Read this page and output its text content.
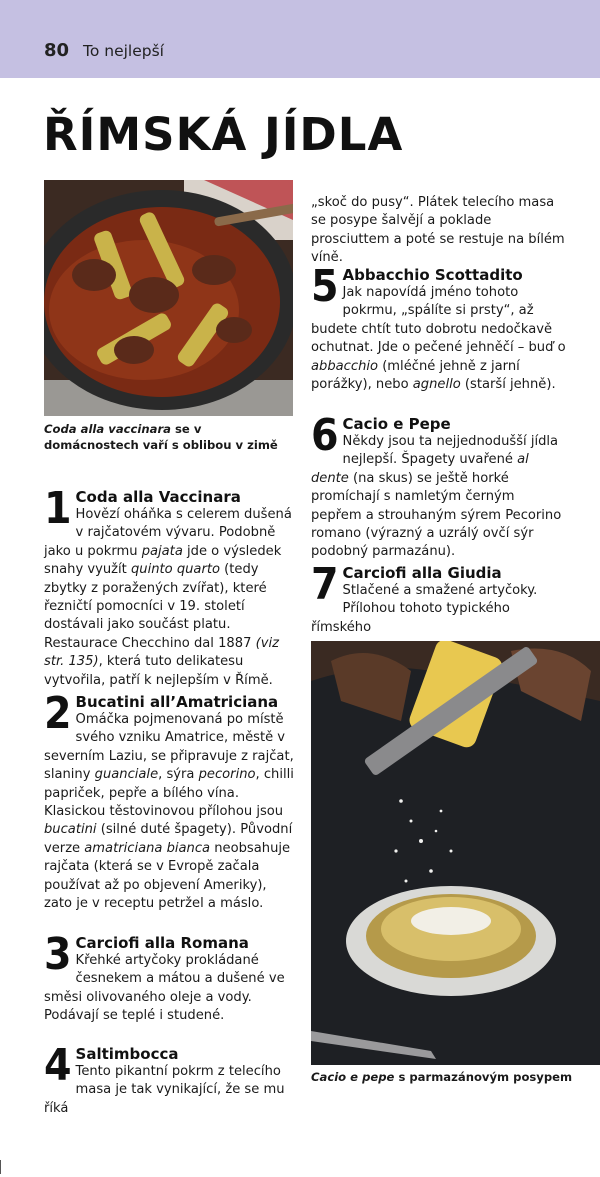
80 To nejlepší
ŘÍMSKÁ JÍDLA
Coda alla vaccinara se v domácnostech vaří s oblibou v zimě
1 Coda alla Vaccinara
Hovězí oháňka s celerem dušená v rajčatovém vývaru. Podobně jako u pokrmu pajata jde o výsledek snahy využít quinto quarto (tedy zbytky z poražených zvířat), které řezničtí pomocníci v 19. století dostávali jako součást platu. Restaurace Checchino dal 1887 (viz str. 135), která tuto delikatesu vytvořila, patří k nejlepším v Římě.
2 Bucatini all’Amatriciana
Omáčka pojmenovaná po místě svého vzniku Amatrice, městě v severním Laziu, se připravuje z rajčat, slaniny guanciale, sýra pecorino, chilli papriček, pepře a bílého vína. Klasickou těstovinovou přílohou jsou bucatini (silné duté špagety). Původní verze amatriciana bianca neobsahuje rajčata (která se v Evropě začala používat až po objevení Ameriky), zato je v receptu petržel a máslo.
3 Carciofi alla Romana
Křehké artyčoky prokládané česnekem a mátou a dušené ve směsi olivovaného oleje a vody. Podávají se teplé i studené.
4 Saltimbocca
Tento pikantní pokrm z telecího masa je tak vynikající, že se mu říká
„skoč do pusy“. Plátek telecího masa se posype šalvějí a poklade prosciuttem a poté se restuje na bílém víně.
5 Abbacchio Scottadito
Jak napovídá jméno tohoto pokrmu, „spálíte si prsty“, až budete chtít tuto dobrotu nedočkavě ochutnat. Jde o pečené jehněčí – buď o abbacchio (mléčné jehně z jarní porážky), nebo agnello (starší jehně).
6 Cacio e Pepe
Někdy jsou ta nejjednodušší jídla nejlepší. Špagety uvařené al dente (na skus) se ještě horké promíchají s namletým černým pepřem a strouhaným sýrem Pecorino romano (výrazný a uzrálý ovčí sýr podobný parmazánu).
7 Carciofi alla Giudia
Stlačené a smažené artyčoky. Přílohou tohoto typického římského
Cacio e pepe s parmazánovým posypem
